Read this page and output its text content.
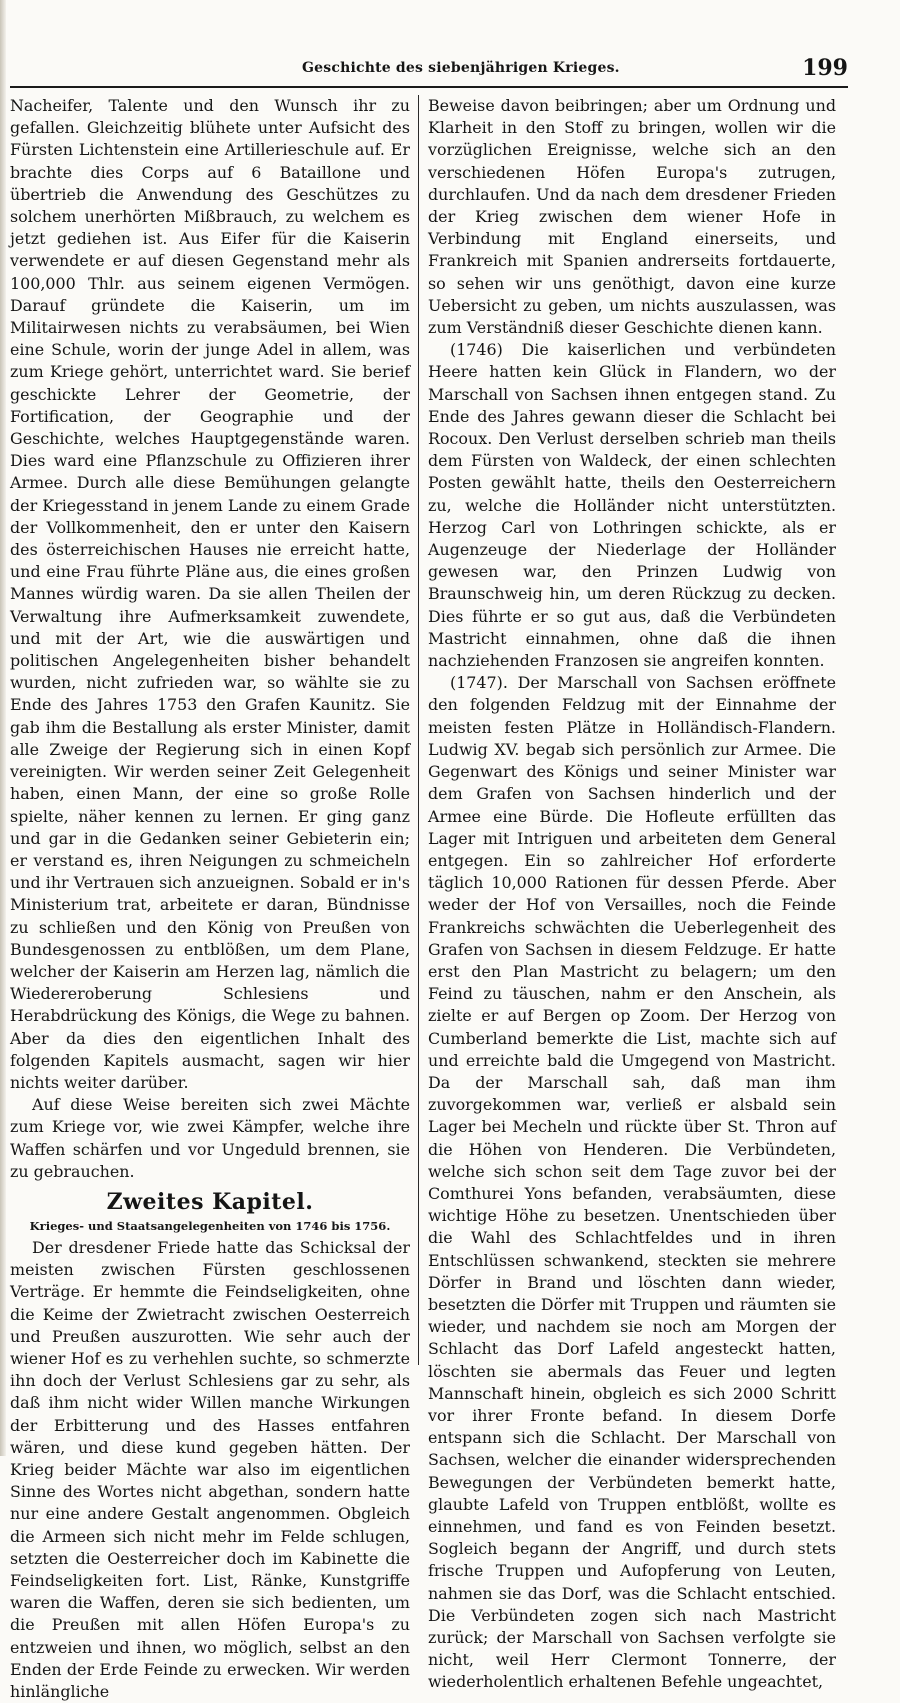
Geschichte des siebenjährigen Krieges.	199

Nacheifer, Talente und den Wunsch ihr zu gefallen. Gleichzeitig blühete unter Aufsicht des Fürsten Lichtenstein eine Artillerieschule auf. Er brachte dies Corps auf 6 Bataillone und übertrieb die Anwendung des Geschützes zu solchem unerhörten Mißbrauch, zu welchem es jetzt gediehen ist. Aus Eifer für die Kaiserin verwendete er auf diesen Gegenstand mehr als 100,000 Thlr. aus seinem eigenen Vermögen. Darauf gründete die Kaiserin, um im Militairwesen nichts zu verabsäumen, bei Wien eine Schule, worin der junge Adel in allem, was zum Kriege gehört, unterrichtet ward. Sie berief geschickte Lehrer der Geometrie, der Fortification, der Geographie und der Geschichte, welches Hauptgegenstände waren. Dies ward eine Pflanzschule zu Offizieren ihrer Armee. Durch alle diese Bemühungen gelangte der Kriegesstand in jenem Lande zu einem Grade der Vollkommenheit, den er unter den Kaisern des österreichischen Hauses nie erreicht hatte, und eine Frau führte Pläne aus, die eines großen Mannes würdig waren. Da sie allen Theilen der Verwaltung ihre Aufmerksamkeit zuwendete, und mit der Art, wie die auswärtigen und politischen Angelegenheiten bisher behandelt wurden, nicht zufrieden war, so wählte sie zu Ende des Jahres 1753 den Grafen Kaunitz. Sie gab ihm die Bestallung als erster Minister, damit alle Zweige der Regierung sich in einen Kopf vereinigten. Wir werden seiner Zeit Gelegenheit haben, einen Mann, der eine so große Rolle spielte, näher kennen zu lernen. Er ging ganz und gar in die Gedanken seiner Gebieterin ein; er verstand es, ihren Neigungen zu schmeicheln und ihr Vertrauen sich anzueignen. Sobald er in's Ministerium trat, arbeitete er daran, Bündnisse zu schließen und den König von Preußen von Bundesgenossen zu entblößen, um dem Plane, welcher der Kaiserin am Herzen lag, nämlich die Wiedereroberung Schlesiens und Herabdrückung des Königs, die Wege zu bahnen. Aber da dies den eigentlichen Inhalt des folgenden Kapitels ausmacht, sagen wir hier nichts weiter darüber.

Auf diese Weise bereiten sich zwei Mächte zum Kriege vor, wie zwei Kämpfer, welche ihre Waffen schärfen und vor Ungeduld brennen, sie zu gebrauchen.

Zweites Kapitel.
Krieges- und Staatsangelegenheiten von 1746 bis 1756.

Der dresdener Friede hatte das Schicksal der meisten zwischen Fürsten geschlossenen Verträge. Er hemmte die Feindseligkeiten, ohne die Keime der Zwietracht zwischen Oesterreich und Preußen auszurotten. Wie sehr auch der wiener Hof es zu verhehlen suchte, so schmerzte ihn doch der Verlust Schlesiens gar zu sehr, als daß ihm nicht wider Willen manche Wirkungen der Erbitterung und des Hasses entfahren wären, und diese kund gegeben hätten. Der Krieg beider Mächte war also im eigentlichen Sinne des Wortes nicht abgethan, sondern hatte nur eine andere Gestalt angenommen. Obgleich die Armeen sich nicht mehr im Felde schlugen, setzten die Oesterreicher doch im Kabinette die Feindseligkeiten fort. List, Ränke, Kunstgriffe waren die Waffen, deren sie sich bedienten, um die Preußen mit allen Höfen Europa's zu entzweien und ihnen, wo möglich, selbst an den Enden der Erde Feinde zu erwecken. Wir werden hinlängliche

Beweise davon beibringen; aber um Ordnung und Klarheit in den Stoff zu bringen, wollen wir die vorzüglichen Ereignisse, welche sich an den verschiedenen Höfen Europa's zutrugen, durchlaufen. Und da nach dem dresdener Frieden der Krieg zwischen dem wiener Hofe in Verbindung mit England einerseits, und Frankreich mit Spanien andrerseits fortdauerte, so sehen wir uns genöthigt, davon eine kurze Uebersicht zu geben, um nichts auszulassen, was zum Verständniß dieser Geschichte dienen kann.

(1746) Die kaiserlichen und verbündeten Heere hatten kein Glück in Flandern, wo der Marschall von Sachsen ihnen entgegen stand. Zu Ende des Jahres gewann dieser die Schlacht bei Rocoux. Den Verlust derselben schrieb man theils dem Fürsten von Waldeck, der einen schlechten Posten gewählt hatte, theils den Oesterreichern zu, welche die Holländer nicht unterstützten. Herzog Carl von Lothringen schickte, als er Augenzeuge der Niederlage der Holländer gewesen war, den Prinzen Ludwig von Braunschweig hin, um deren Rückzug zu decken. Dies führte er so gut aus, daß die Verbündeten Mastricht einnahmen, ohne daß die ihnen nachziehenden Franzosen sie angreifen konnten.

(1747). Der Marschall von Sachsen eröffnete den folgenden Feldzug mit der Einnahme der meisten festen Plätze in Holländisch-Flandern. Ludwig XV. begab sich persönlich zur Armee. Die Gegenwart des Königs und seiner Minister war dem Grafen von Sachsen hinderlich und der Armee eine Bürde. Die Hofleute erfüllten das Lager mit Intriguen und arbeiteten dem General entgegen. Ein so zahlreicher Hof erforderte täglich 10,000 Rationen für dessen Pferde. Aber weder der Hof von Versailles, noch die Feinde Frankreichs schwächten die Ueberlegenheit des Grafen von Sachsen in diesem Feldzuge. Er hatte erst den Plan Mastricht zu belagern; um den Feind zu täuschen, nahm er den Anschein, als zielte er auf Bergen op Zoom. Der Herzog von Cumberland bemerkte die List, machte sich auf und erreichte bald die Umgegend von Mastricht. Da der Marschall sah, daß man ihm zuvorgekommen war, verließ er alsbald sein Lager bei Mecheln und rückte über St. Thron auf die Höhen von Henderen. Die Verbündeten, welche sich schon seit dem Tage zuvor bei der Comthurei Yons befanden, verabsäumten, diese wichtige Höhe zu besetzen. Unentschieden über die Wahl des Schlachtfeldes und in ihren Entschlüssen schwankend, steckten sie mehrere Dörfer in Brand und löschten dann wieder, besetzten die Dörfer mit Truppen und räumten sie wieder, und nachdem sie noch am Morgen der Schlacht das Dorf Lafeld angesteckt hatten, löschten sie abermals das Feuer und legten Mannschaft hinein, obgleich es sich 2000 Schritt vor ihrer Fronte befand. In diesem Dorfe entspann sich die Schlacht. Der Marschall von Sachsen, welcher die einander widersprechenden Bewegungen der Verbündeten bemerkt hatte, glaubte Lafeld von Truppen entblößt, wollte es einnehmen, und fand es von Feinden besetzt. Sogleich begann der Angriff, und durch stets frische Truppen und Aufopferung von Leuten, nahmen sie das Dorf, was die Schlacht entschied. Die Verbündeten zogen sich nach Mastricht zurück; der Marschall von Sachsen verfolgte sie nicht, weil Herr Clermont Tonnerre, der wiederholentlich erhaltenen Befehle ungeachtet,
